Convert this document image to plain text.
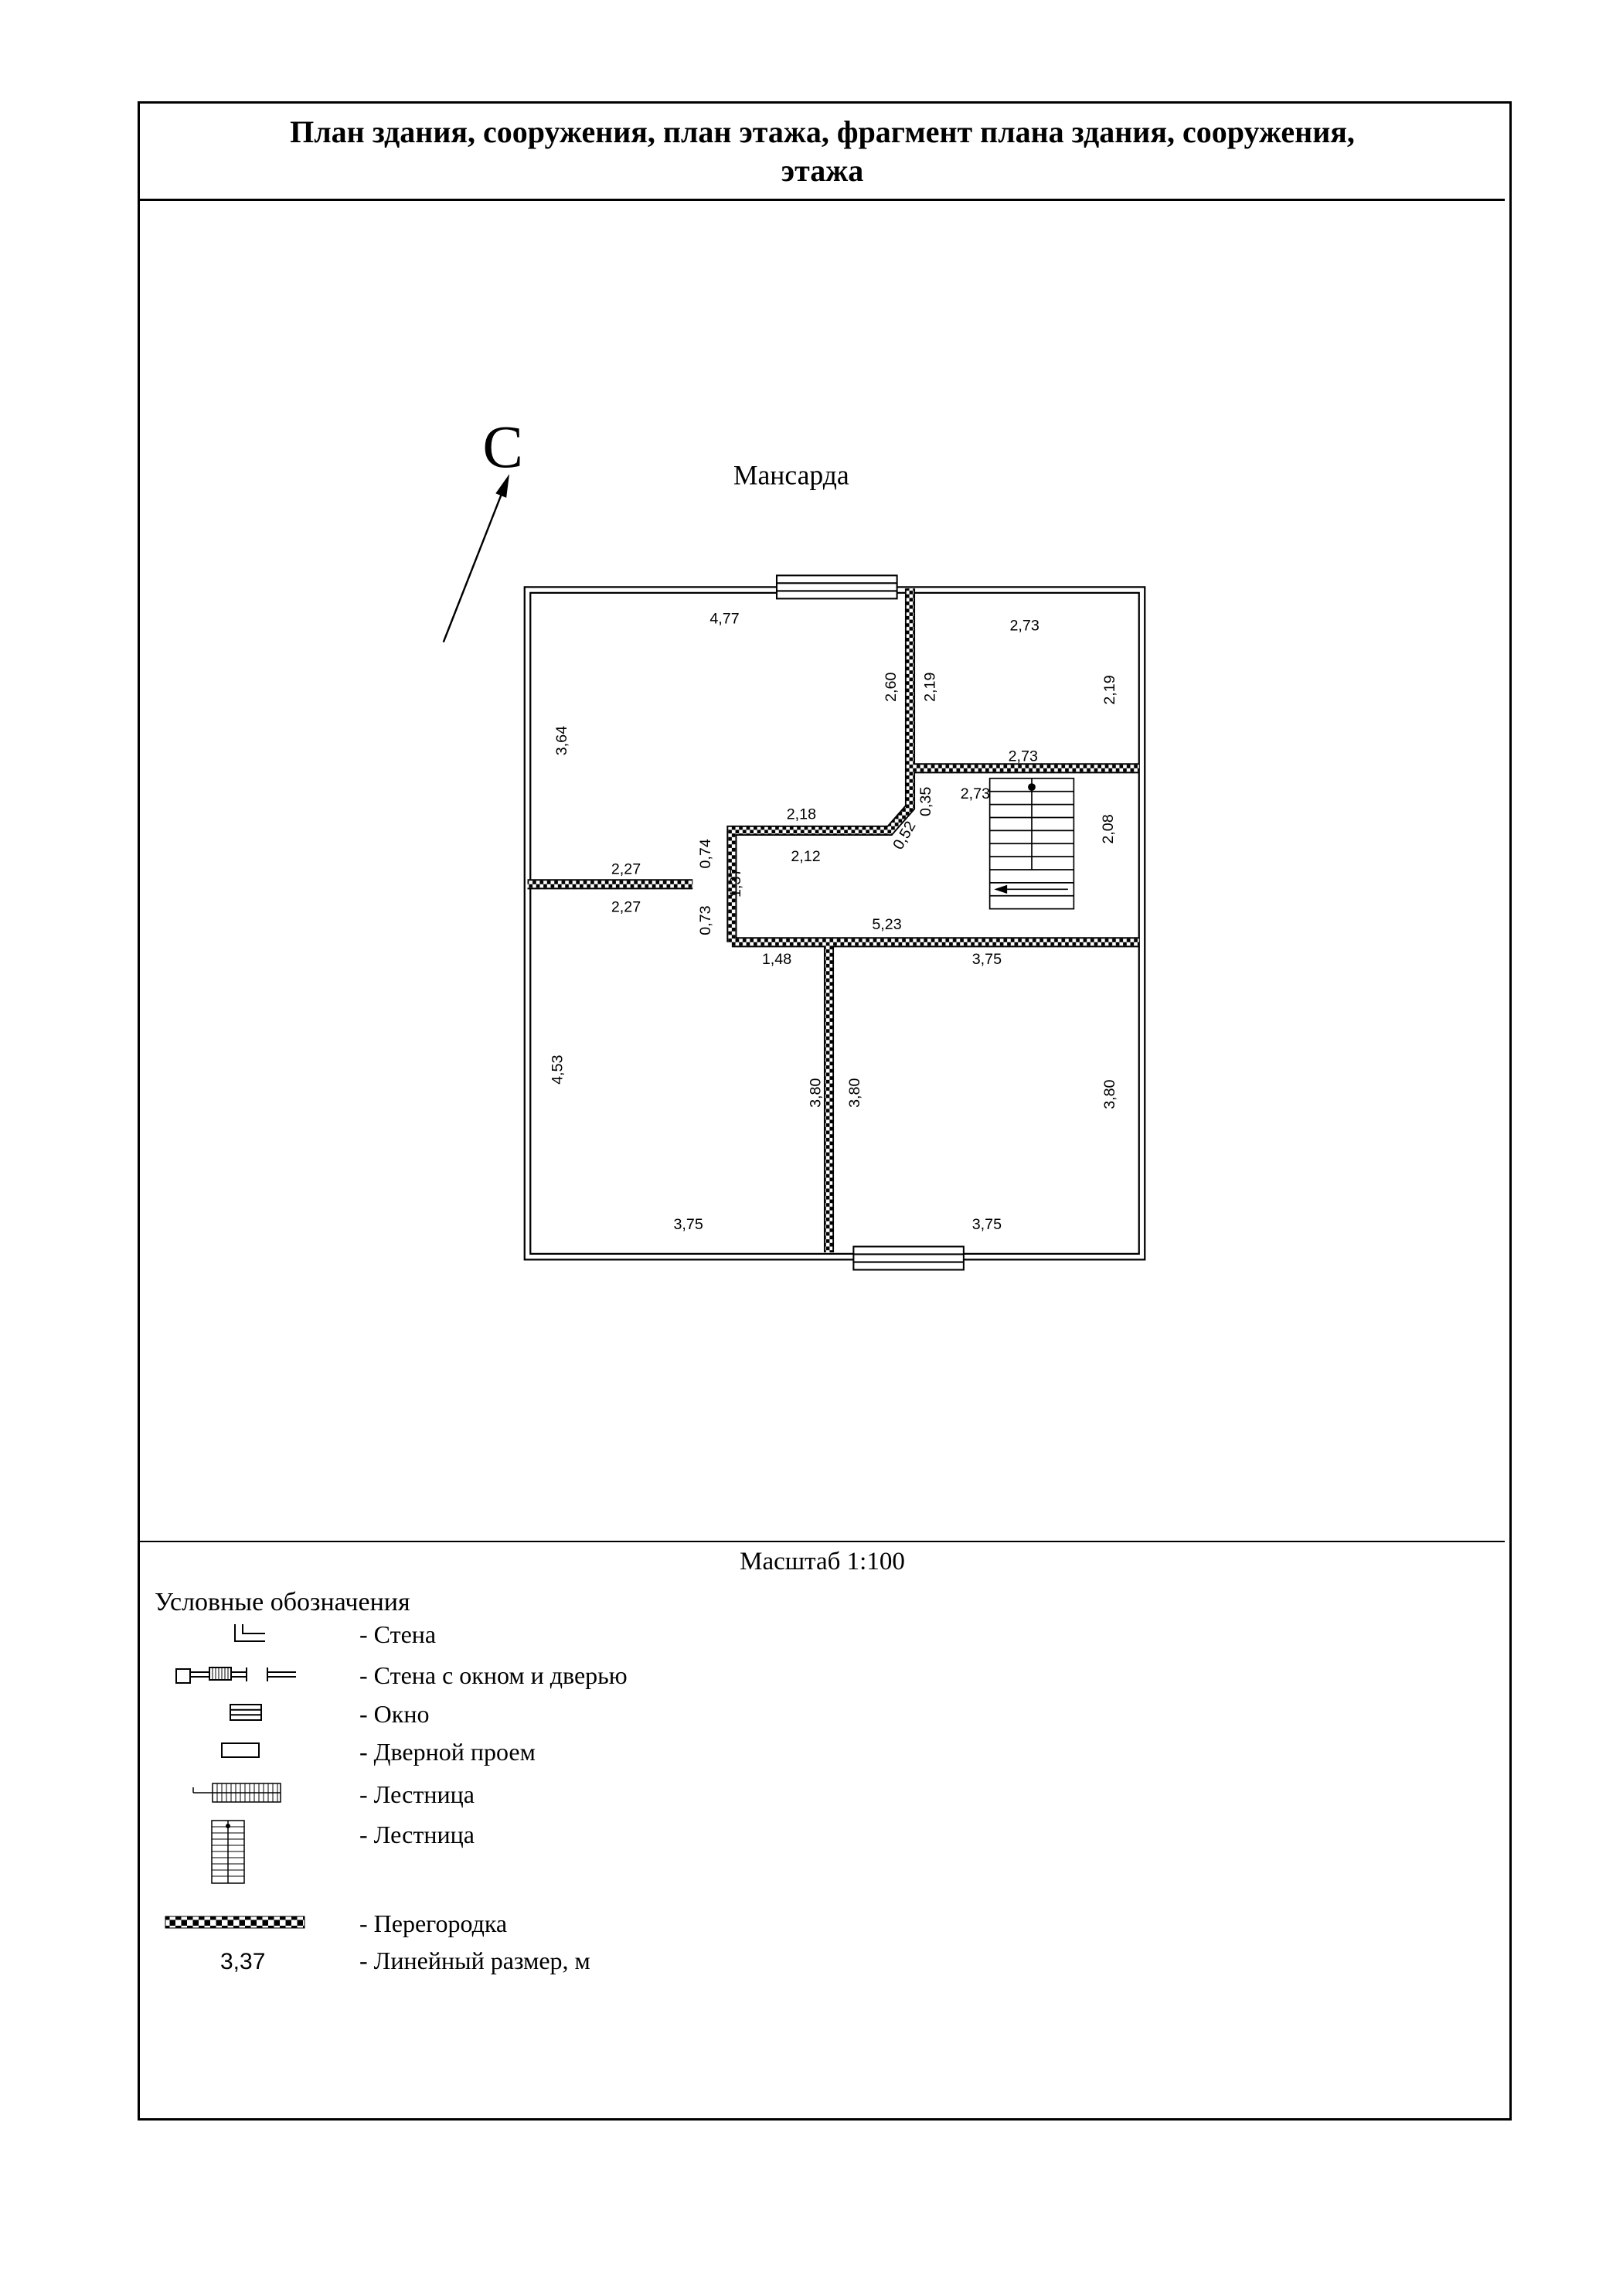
План здания, сооружения, план этажа, фрагмент плана здания, сооружения,
этажа
С	Мансарда
4,77	2,73
2,60	2,19	2,19
3,64
2,73
2,73
0,35
2,08
2,18
2,12
0,52
0,74
2,27
2,27
1,37
0,73	5,23
1,48	3,75
4,53
3,80	3,80	3,80
3,75	3,75
Масштаб 1:100
Условные обозначения
- Стена
- Стена с окном и дверью
- Окно
- Дверной проем
- Лестница
- Лестница
- Перегородка
3,37	- Линейный размер, м
